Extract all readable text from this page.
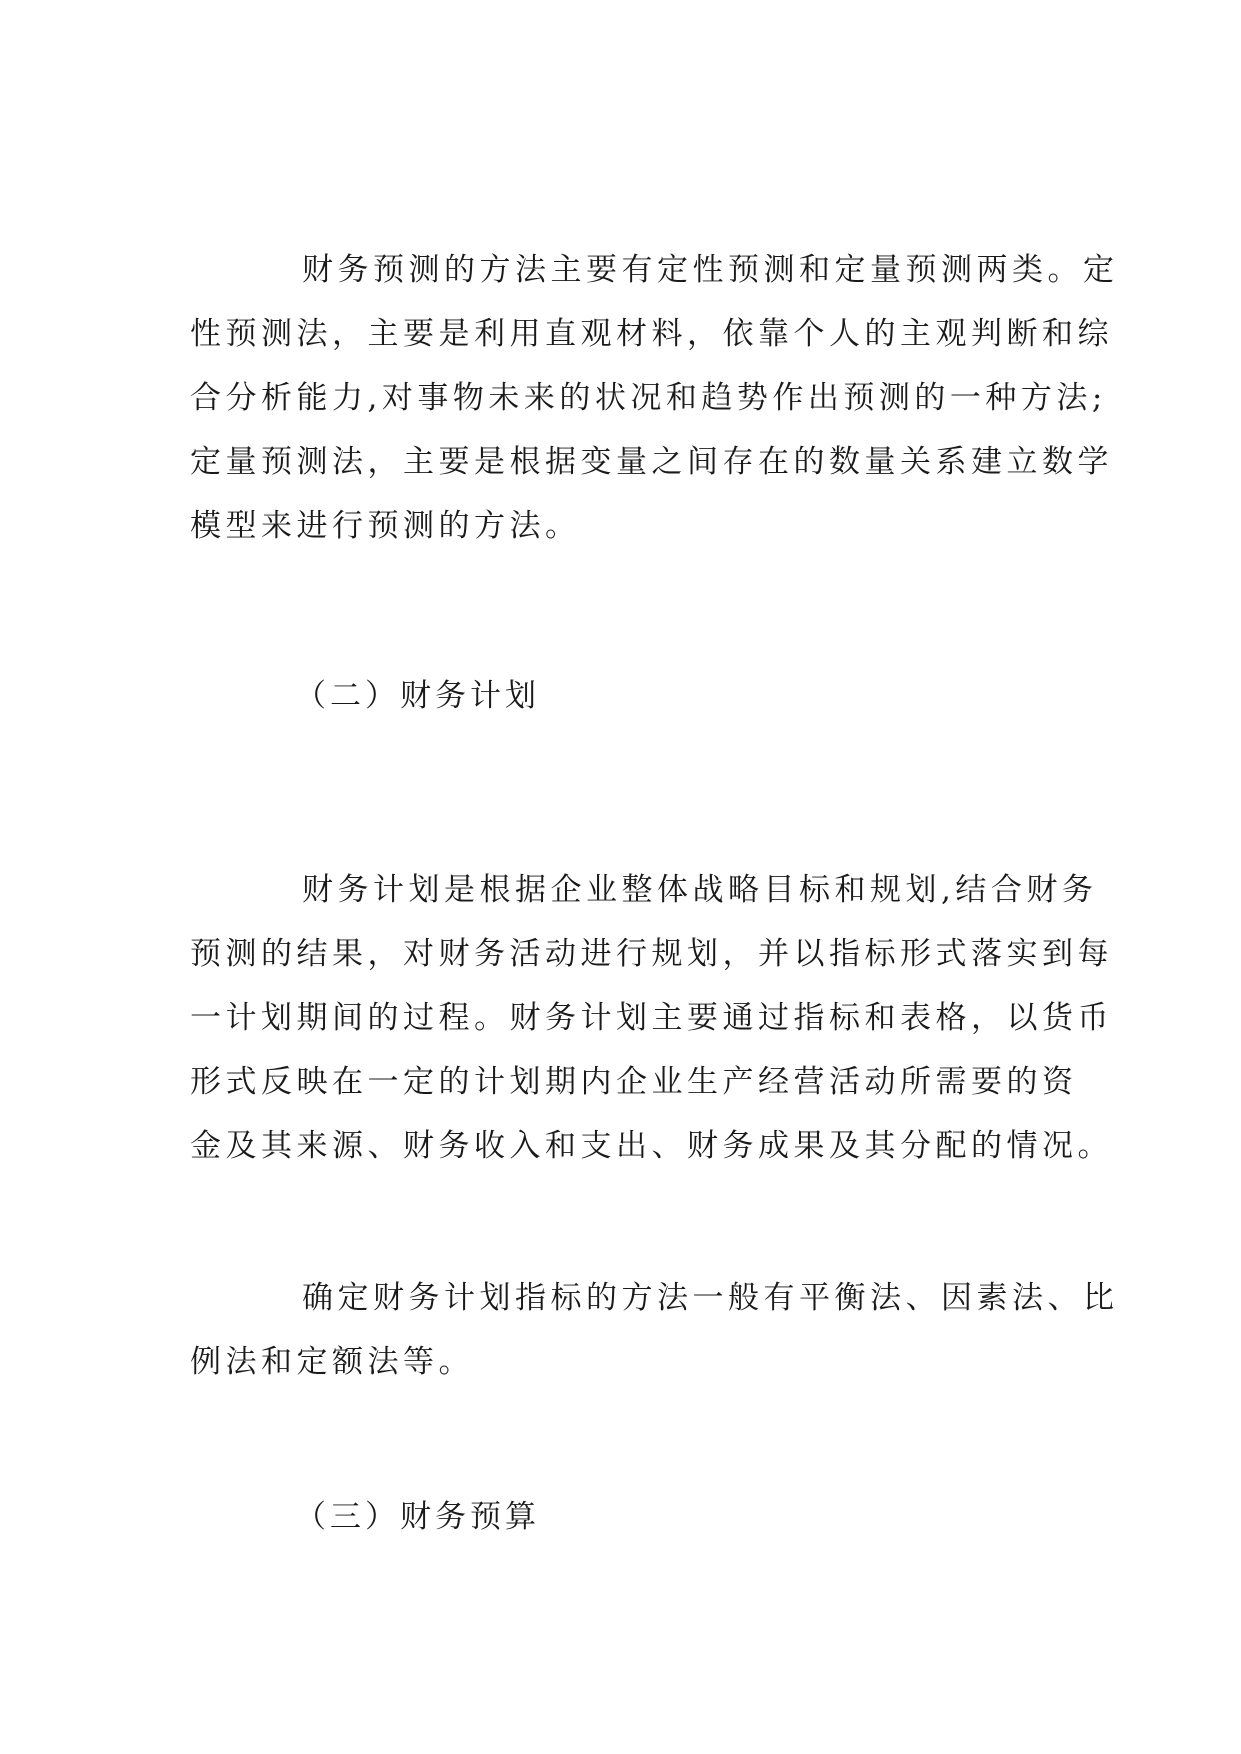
财务预测的方法主要有定性预测和定量预测两类。定
性预测法，主要是利用直观材料，依靠个人的主观判断和综
合分析能力,对事物未来的状况和趋势作出预测的一种方法;
定量预测法，主要是根据变量之间存在的数量关系建立数学
模型来进行预测的方法。
（二）财务计划
财务计划是根据企业整体战略目标和规划,结合财务
预测的结果，对财务活动进行规划，并以指标形式落实到每
一计划期间的过程。财务计划主要通过指标和表格，以货币
形式反映在一定的计划期内企业生产经营活动所需要的资
金及其来源、财务收入和支出、财务成果及其分配的情况。
确定财务计划指标的方法一般有平衡法、因素法、比
例法和定额法等。
（三）财务预算
